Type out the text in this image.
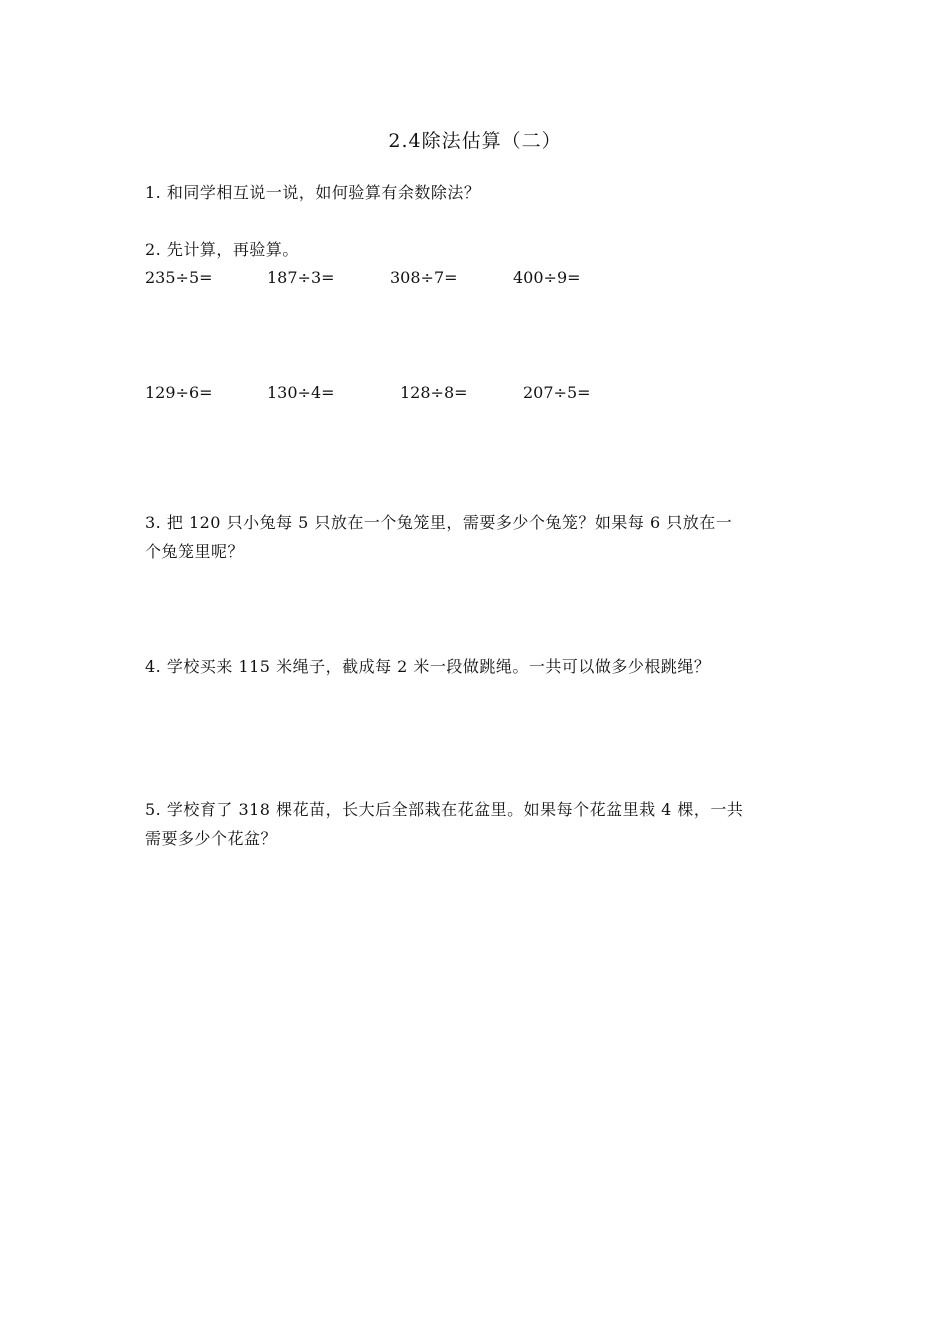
2.4除法估算（二）
1. 和同学相互说一说，如何验算有余数除法？
2. 先计算，再验算。
235÷5=	187÷3=	308÷7=	400÷9=
129÷6=	130÷4=	128÷8=	207÷5=
3. 把 120 只小兔每 5 只放在一个兔笼里，需要多少个兔笼？如果每 6 只放在一
个兔笼里呢？
4. 学校买来 115 米绳子，截成每 2 米一段做跳绳。一共可以做多少根跳绳？
5. 学校育了 318 棵花苗，长大后全部栽在花盆里。如果每个花盆里栽 4 棵，一共
需要多少个花盆？
